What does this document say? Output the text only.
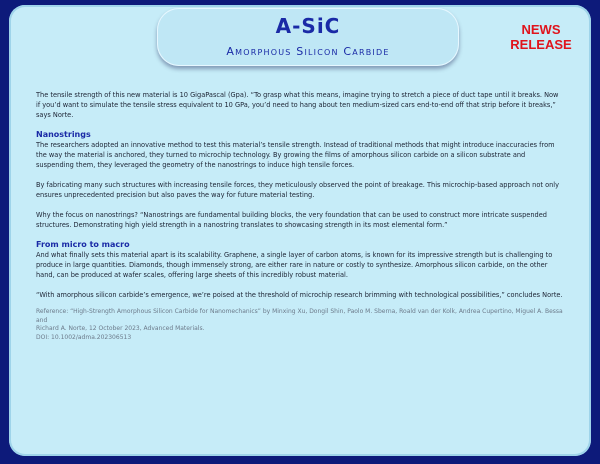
A-SiC
Amorphous Silicon Carbide
NEWS
RELEASE

The tensile strength of this new material is 10 GigaPascal (Gpa). “To grasp what this means, imagine trying to stretch a piece of duct tape until it breaks. Now if you’d want to simulate the tensile stress equivalent to 10 GPa, you’d need to hang about ten medium-sized cars end-to-end off that strip before it breaks,” says Norte.

Nanostrings

The researchers adopted an innovative method to test this material’s tensile strength. Instead of traditional methods that might introduce inaccuracies from the way the material is anchored, they turned to microchip technology. By growing the films of amorphous silicon carbide on a silicon substrate and suspending them, they leveraged the geometry of the nanostrings to induce high tensile forces.

By fabricating many such structures with increasing tensile forces, they meticulously observed the point of breakage. This microchip-based approach not only ensures unprecedented precision but also paves the way for future material testing.

Why the focus on nanostrings? “Nanostrings are fundamental building blocks, the very foundation that can be used to construct more intricate suspended structures. Demonstrating high yield strength in a nanostring translates to showcasing strength in its most elemental form.”

From micro to macro

And what finally sets this material apart is its scalability. Graphene, a single layer of carbon atoms, is known for its impressive strength but is challenging to produce in large quantities. Diamonds, though immensely strong, are either rare in nature or costly to synthesize. Amorphous silicon carbide, on the other hand, can be produced at wafer scales, offering large sheets of this incredibly robust material.

“With amorphous silicon carbide’s emergence, we’re poised at the threshold of microchip research brimming with technological possibilities,” concludes Norte.

Reference: “High-Strength Amorphous Silicon Carbide for Nanomechanics” by Minxing Xu, Dongil Shin, Paolo M. Sberna, Roald van der Kolk, Andrea Cupertino, Miguel A. Bessa and
Richard A. Norte, 12 October 2023, Advanced Materials.
DOI: 10.1002/adma.202306513
